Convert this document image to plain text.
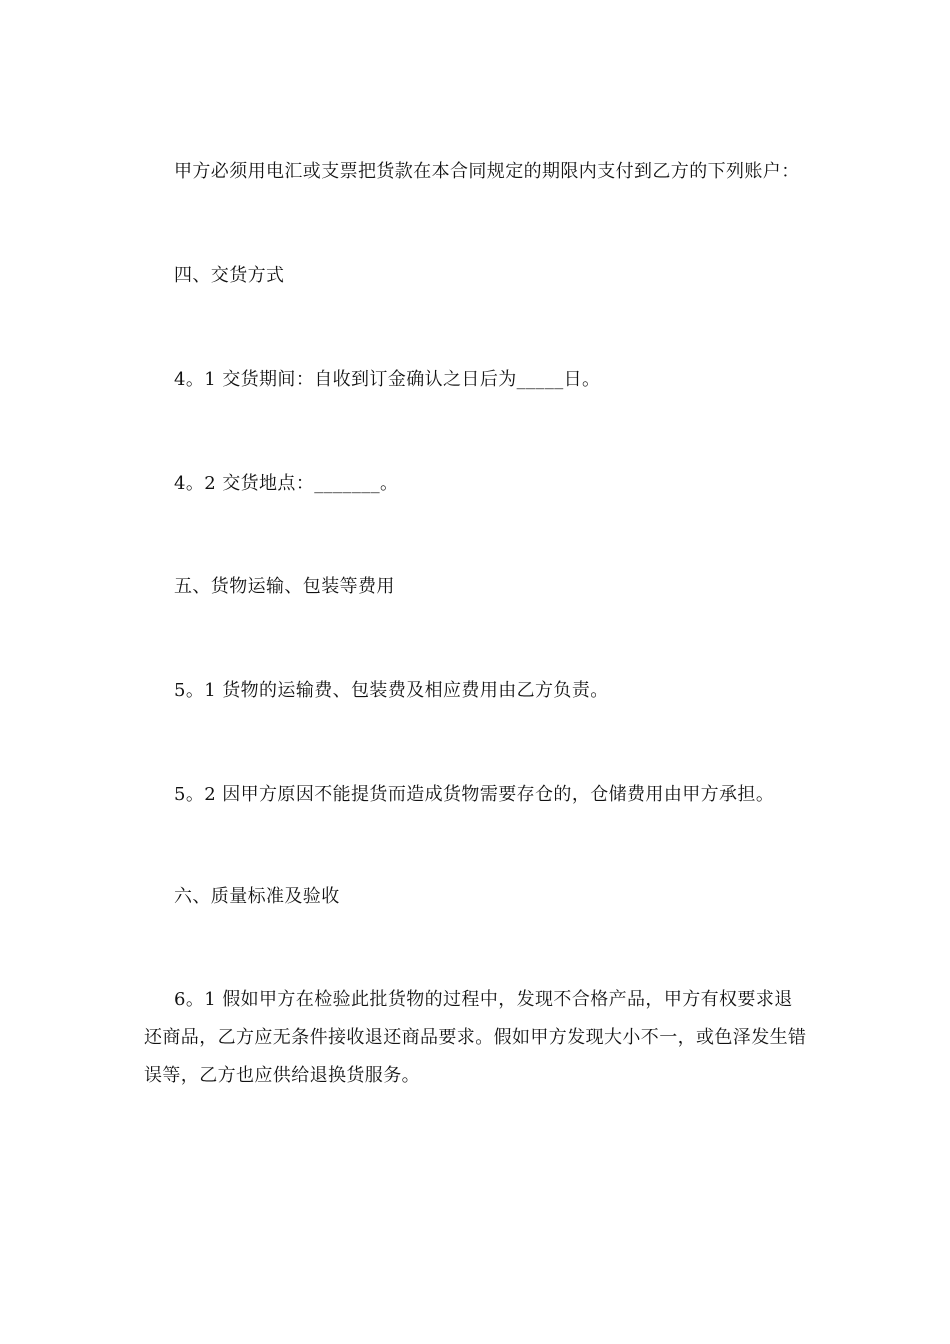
甲方必须用电汇或支票把货款在本合同规定的期限内支付到乙方的下列账户：
四、交货方式
4。1 交货期间：自收到订金确认之日后为_____日。
4。2 交货地点：_______。
五、货物运输、包装等费用
5。1 货物的运输费、包装费及相应费用由乙方负责。
5。2 因甲方原因不能提货而造成货物需要存仓的，仓储费用由甲方承担。
六、质量标准及验收

6。1 假如甲方在检验此批货物的过程中，发现不合格产品，甲方有权要求退还商品，乙方应无条件接收退还商品要求。假如甲方发现大小不一，或色泽发生错误等，乙方也应供给退换货服务。
